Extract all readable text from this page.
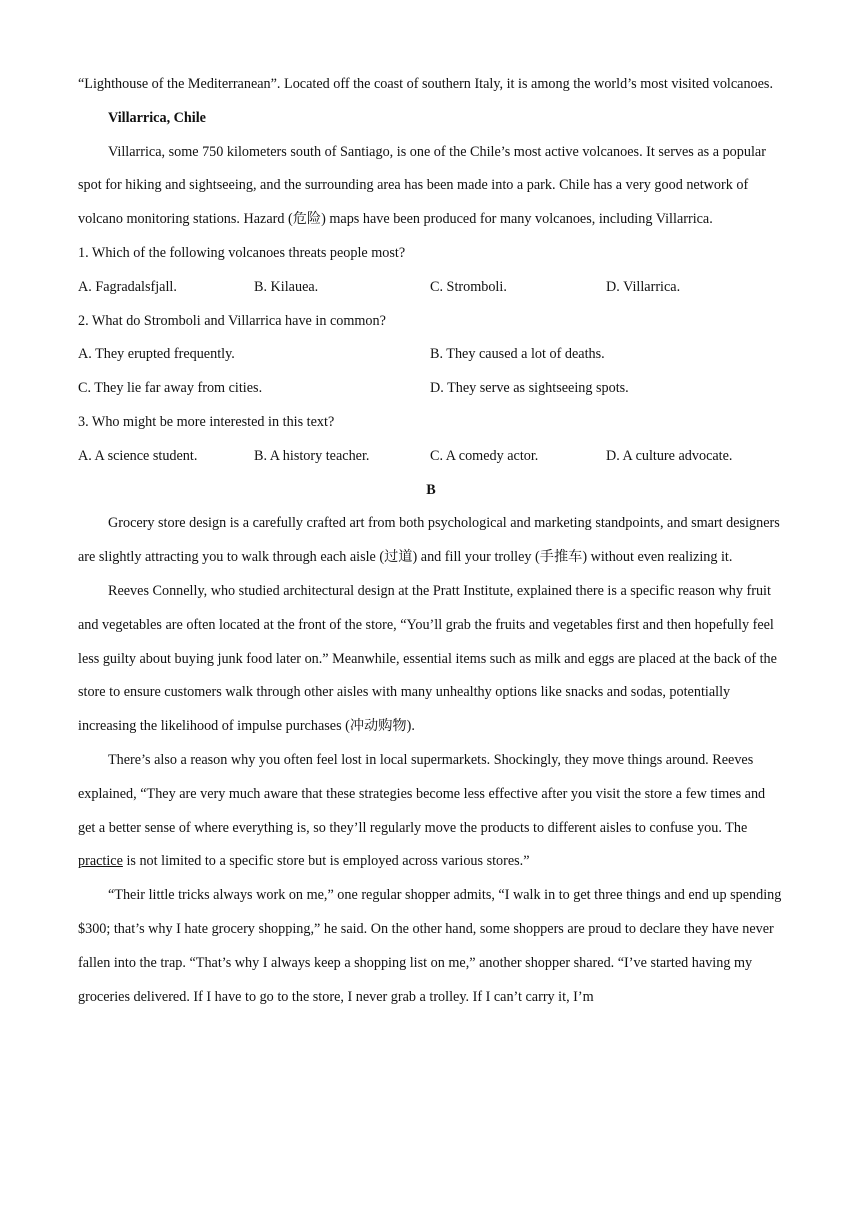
“Lighthouse of the Mediterranean”. Located off the coast of southern Italy, it is among the world’s most visited volcanoes.

Villarrica, Chile

Villarrica, some 750 kilometers south of Santiago, is one of the Chile’s most active volcanoes. It serves as a popular spot for hiking and sightseeing, and the surrounding area has been made into a park. Chile has a very good network of volcano monitoring stations. Hazard (危险) maps have been produced for many volcanoes, including Villarrica.

1. Which of the following volcanoes threats people most?

A. Fagradalsfjall.	B. Kilauea.	C. Stromboli.	D. Villarrica.

2. What do Stromboli and Villarrica have in common?

A. They erupted frequently.	B. They caused a lot of deaths.
C. They lie far away from cities.	D. They serve as sightseeing spots.

3. Who might be more interested in this text?

A. A science student.	B. A history teacher.	C. A comedy actor.	D. A culture advocate.

B

Grocery store design is a carefully crafted art from both psychological and marketing standpoints, and smart designers are slightly attracting you to walk through each aisle (过道) and fill your trolley (手推车) without even realizing it.

Reeves Connelly, who studied architectural design at the Pratt Institute, explained there is a specific reason why fruit and vegetables are often located at the front of the store, “You’ll grab the fruits and vegetables first and then hopefully feel less guilty about buying junk food later on.” Meanwhile, essential items such as milk and eggs are placed at the back of the store to ensure customers walk through other aisles with many unhealthy options like snacks and sodas, potentially increasing the likelihood of impulse purchases (冲动购物).

There’s also a reason why you often feel lost in local supermarkets. Shockingly, they move things around. Reeves explained, “They are very much aware that these strategies become less effective after you visit the store a few times and get a better sense of where everything is, so they’ll regularly move the products to different aisles to confuse you. The practice is not limited to a specific store but is employed across various stores.”

“Their little tricks always work on me,” one regular shopper admits, “I walk in to get three things and end up spending $300; that’s why I hate grocery shopping,” he said. On the other hand, some shoppers are proud to declare they have never fallen into the trap. “That’s why I always keep a shopping list on me,” another shopper shared. “I’ve started having my groceries delivered. If I have to go to the store, I never grab a trolley. If I can’t carry it, I’m
